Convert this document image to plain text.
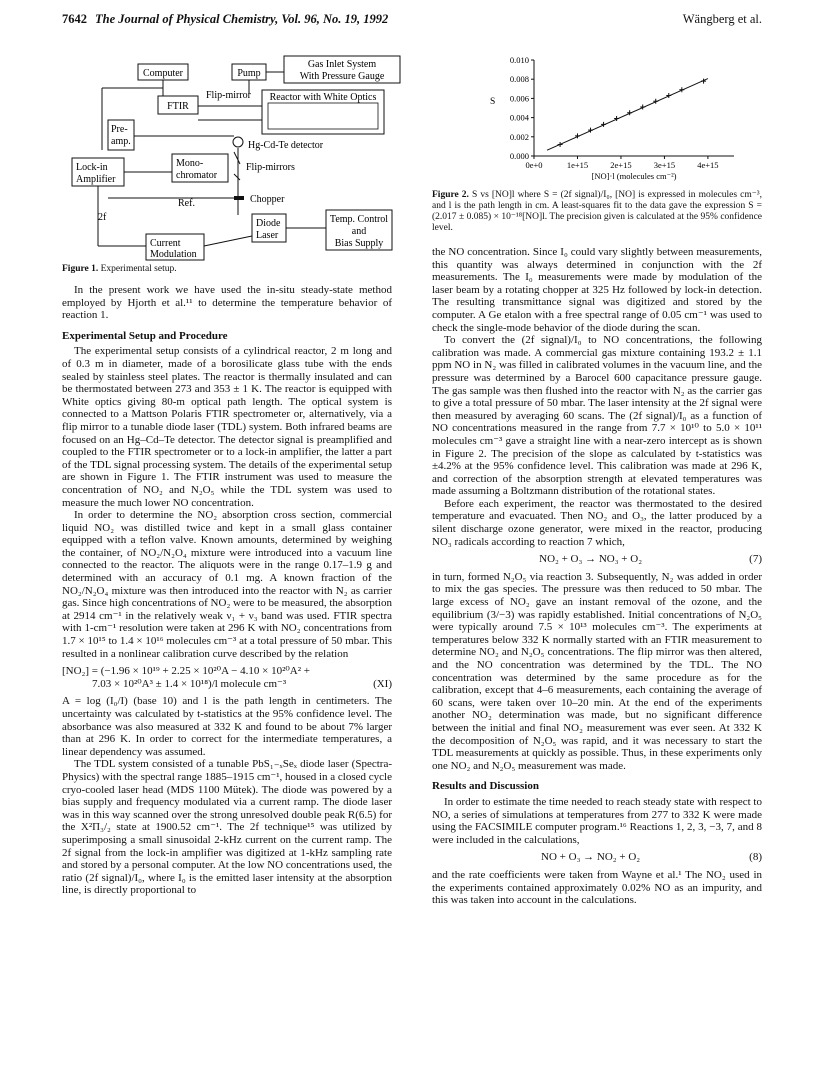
7642 The Journal of Physical Chemistry, Vol. 96, No. 19, 1992	Wängberg et al.
Computer	Pump
Gas Inlet System
With Pressure Gauge
FTIR
Flip-mirror Reactor with White Optics
Pre-
amp.	Hg-Cd-Te detector
Lock-in
Amplifier
Mono-
chromator
Flip-mirrors
Chopper
Ref.
2f
Diode
Laser
Temp. Control
and
Bias Supply
Current
Modulation
Figure 1. Experimental setup.

In the present work we have used the in-situ steady-state method employed by Hjorth et al.¹¹ to determine the temperature behavior of reaction 1.

Experimental Setup and Procedure

The experimental setup consists of a cylindrical reactor, 2 m long and of 0.3 m in diameter, made of a borosilicate glass tube with the ends sealed by stainless steel plates. The reactor is thermally insulated and can be thermostated between 273 and 353 ± 1 K. The reactor is equipped with White optics giving 80-m optical path length. The optical system is connected to a Mattson Polaris FTIR spectrometer or, alternatively, via a flip mirror to a tunable diode laser (TDL) system. Both infrared beams are focused on an Hg–Cd–Te detector. The detector signal is preamplified and coupled to the FTIR spectrometer or to a lock-in amplifier, the latter a part of the TDL signal processing system. The details of the experimental setup are shown in Figure 1. The FTIR instrument was used to measure the concentration of NO₂ and N₂O₅ while the TDL system was used to measure the much lower NO concentration.

In order to determine the NO₂ absorption cross section, commercial liquid NO₂ was distilled twice and kept in a small glass container equipped with a teflon valve. Known amounts, determined by weighing the container, of NO₂/N₂O₄ mixture were introduced into a vacuum line connected to the reactor. The aliquots were in the range 0.17–1.9 g and determined with an accuracy of 0.1 mg. A known fraction of the NO₂/N₂O₄ mixture was then introduced into the reactor with N₂ as carrier gas. Since high concentrations of NO₂ were to be measured, the absorption at 2914 cm⁻¹ in the relatively weak ν₁ + ν₃ band was used. FTIR spectra with 1-cm⁻¹ resolution were taken at 296 K with NO₂ concentrations from 1.7 × 10¹⁵ to 1.4 × 10¹⁶ molecules cm⁻³ at a total pressure of 50 mbar. This resulted in a nonlinear calibration curve described by the relation

[NO₂] = (−1.96 × 10¹⁹ + 2.25 × 10²⁰A − 4.10 × 10²⁰A² +
7.03 × 10²⁰A³ ± 1.4 × 10¹⁸)/l molecule cm⁻³	(XI)

A = log (I₀/I) (base 10) and l is the path length in centimeters. The uncertainty was calculated by t-statistics at the 95% confidence level. The absorbance was also measured at 332 K and found to be about 7% larger than at 296 K. In order to correct for the intermediate temperatures, a linear dependency was assumed.

The TDL system consisted of a tunable PbS₁₋ₓSeₓ diode laser (Spectra-Physics) with the spectral range 1885–1915 cm⁻¹, housed in a closed cycle cryo-cooled laser head (MDS 1100 Mütek). The diode was powered by a bias supply and frequency modulated via a current ramp. The diode laser was in this way scanned over the strong unresolved double peak R(6.5) for the X²Π₃/₂ state at 1900.52 cm⁻¹. The 2f technique¹⁵ was utilized by superimposing a small sinusoidal 2-kHz current on the current ramp. The 2f signal from the lock-in amplifier was digitized at 1-kHz sampling rate and stored by a personal computer. At the low NO concentrations used, the ratio (2f signal)/I₀, where I₀ is the emitted laser intensity at the absorption line, is directly proportional to

0.000
0.002
0.004
0.006
0.008
0.010
0e+0	1e+15	2e+15	3e+15	4e+15
S
[NO]·l (molecules cm⁻²)
Figure 2. S vs [NO]l where S = (2f signal)/I₀, [NO] is expressed in molecules cm⁻³, and l is the path length in cm. A least-squares fit to the data gave the expression S = (2.017 ± 0.085) × 10⁻¹⁸[NO]l. The precision given is calculated at the 95% confidence level.

the NO concentration. Since I₀ could vary slightly between measurements, this quantity was always determined in conjunction with the 2f measurements. The I₀ measurements were made by modulation of the laser beam by a rotating chopper at 325 Hz followed by lock-in detection. The resulting transmittance signal was digitized and stored by the computer. A Ge etalon with a free spectral range of 0.05 cm⁻¹ was used to check the single-mode behavior of the diode during the scan.

To convert the (2f signal)/I₀ to NO concentrations, the following calibration was made. A commercial gas mixture containing 193.2 ± 1.1 ppm NO in N₂ was filled in calibrated volumes in the vacuum line, and the pressure was determined by a Barocel 600 capacitance pressure gauge. The gas sample was then flushed into the reactor with N₂ as the carrier gas to give a total pressure of 50 mbar. The laser intensity at the 2f signal were then measured by averaging 60 scans. The (2f signal)/I₀ as a function of NO concentrations measured in the range from 7.7 × 10¹⁰ to 5.0 × 10¹¹ molecules cm⁻³ gave a straight line with a near-zero intercept as is shown in Figure 2. The precision of the slope as calculated by t-statistics was ±4.2% at the 95% confidence level. This calibration was made at 296 K, and correction of the absorption strength at elevated temperatures was made assuming a Boltzmann distribution of the rotational states.

Before each experiment, the reactor was thermostated to the desired temperature and evacuated. Then NO₂ and O₃, the latter produced by a silent discharge ozone generator, were mixed in the reactor, producing NO₃ radicals according to reaction 7 which,

NO₂ + O₃ → NO₃ + O₂	(7)

in turn, formed N₂O₅ via reaction 3. Subsequently, N₂ was added in order to mix the gas species. The pressure was then reduced to 50 mbar. The large excess of NO₂ gave an instant removal of the ozone, and the equilibrium (3/−3) was rapidly established. Initial concentrations of N₂O₅ were typically around 7.5 × 10¹³ molecules cm⁻³. The experiments at temperatures below 332 K normally started with an FTIR measurement to determine NO₂ and N₂O₅ concentrations. The flip mirror was then altered, and the NO concentration was determined by the TDL. The NO concentration was determined by the same procedure as for the calibration, except that 4–6 measurements, each containing the average of 60 scans, were taken over 10–20 min. At the end of the experiments another NO₂ determination was made, but no significant difference between the initial and final NO₂ measurement was ever seen. At 332 K the decomposition of N₂O₅ was rapid, and it was necessary to start the TDL measurements at quickly as possible. Thus, in these experiments only one NO₂ and N₂O₅ measurement was made.

Results and Discussion

In order to estimate the time needed to reach steady state with respect to NO, a series of simulations at temperatures from 277 to 332 K were made using the FACSIMILE computer program.¹⁶ Reactions 1, 2, 3, −3, 7, and 8 were included in the calculations,

NO + O₃ → NO₂ + O₂	(8)

and the rate coefficients were taken from Wayne et al.¹ The NO₂ used in the experiments contained approximately 0.02% NO as an impurity, and this was taken into account in the calculations.
